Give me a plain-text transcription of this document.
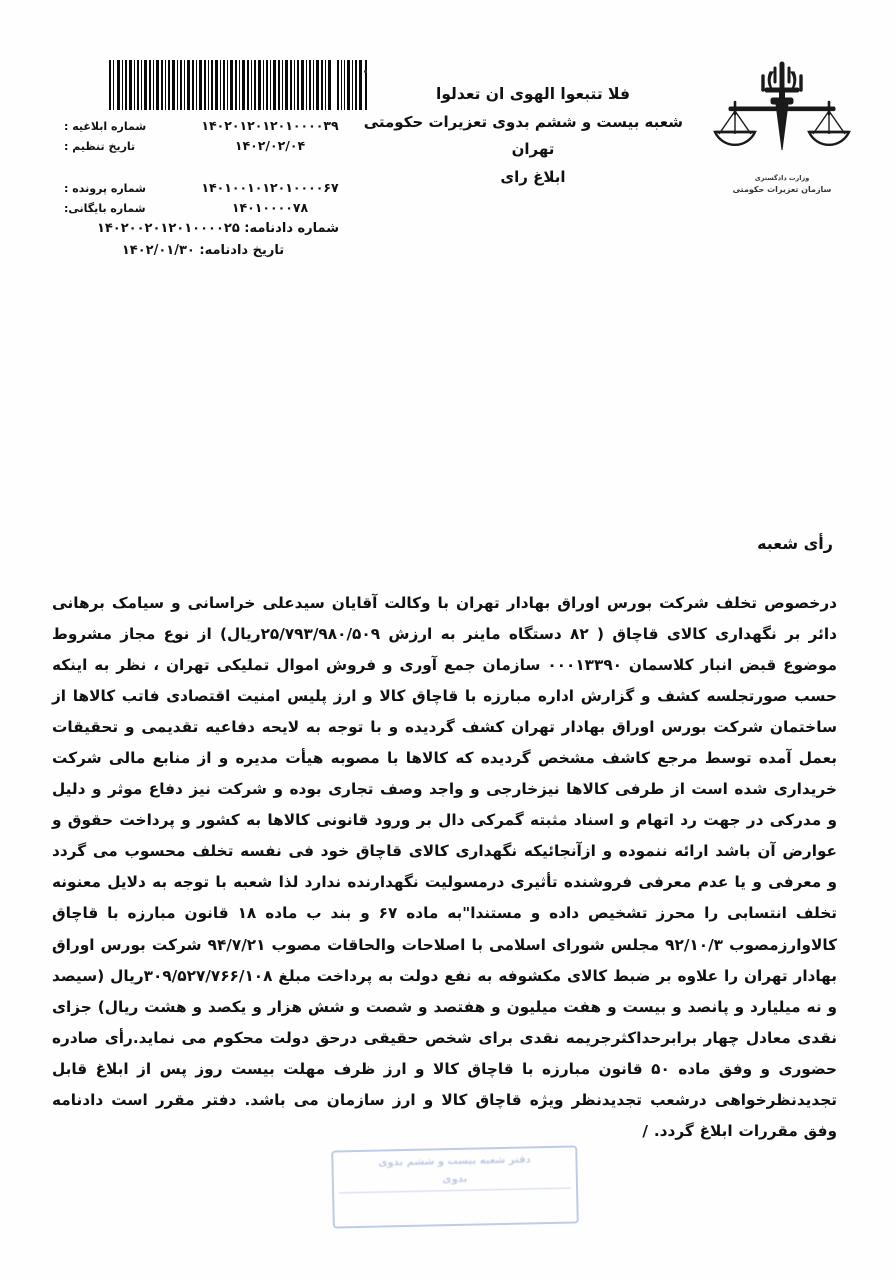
شماره ابلاغیه :	۱۴۰۲۰۱۲۰۱۲۰۱۰۰۰۰۳۹
تاریخ تنظیم :	۱۴۰۲/۰۲/۰۴
شماره پرونده :	۱۴۰۱۰۰۱۰۱۲۰۱۰۰۰۰۶۷
شماره بایگانی:	۱۴۰۱۰۰۰۰۷۸
شماره دادنامه: ۱۴۰۲۰۰۲۰۱۲۰۱۰۰۰۰۲۵
تاریخ دادنامه: ۱۴۰۲/۰۱/۳۰
فلا تتبعوا الهوی ان تعدلوا
شعبه بیست و ششم بدوی تعزیرات حکومتی
تهران
ابلاغ رای	وزارت دادگستری
سازمان تعزیرات حکومتی
رأی شعبه
درخصوص تخلف شرکت بورس اوراق بهادار تهران با وکالت آقایان سیدعلی خراسانی و سیامک برهانی دائر بر نگهداری کالای قاچاق ( ۸۲ دستگاه ماینر به ارزش ۲۵/۷۹۳/۹۸۰/۵۰۹ریال) از نوع مجاز مشروط موضوع قبض انبار کلاسمان ۰۰۰۱۳۳۹۰ سازمان جمع آوری و فروش اموال تملیکی تهران ، نظر به اینکه حسب صورتجلسه کشف و گزارش اداره مبارزه با قاچاق کالا و ارز پلیس امنیت اقتصادی فاتب کالاها از ساختمان شرکت بورس اوراق بهادار تهران کشف گردیده و با توجه به لایحه دفاعیه تقدیمی و تحقیقات بعمل آمده توسط مرجع کاشف مشخص گردیده که کالاها با مصوبه هیأت مدیره و از منابع مالی شرکت خریداری شده است از طرفی کالاها نیزخارجی و واجد وصف تجاری بوده و شرکت نیز دفاع موثر و دلیل و مدرکی در جهت رد اتهام و اسناد مثبته گمرکی دال بر ورود قانونی کالاها به کشور و پرداخت حقوق و عوارض آن باشد ارائه ننموده و ازآنجائیکه نگهداری کالای قاچاق خود فی نفسه تخلف محسوب می گردد و معرفی و یا عدم معرفی فروشنده تأثیری درمسولیت نگهدارنده ندارد لذا شعبه با توجه به دلایل معنونه تخلف انتسابی را محرز تشخیص داده و مستندا"به ماده ۶۷ و بند ب ماده ۱۸ قانون مبارزه با قاچاق کالاوارزمصوب ۹۲/۱۰/۳ مجلس شورای اسلامی با اصلاحات والحاقات مصوب ۹۴/۷/۲۱ شرکت بورس اوراق بهادار تهران را علاوه بر ضبط کالای مکشوفه به نفع دولت به پرداخت مبلغ ۳۰۹/۵۲۷/۷۶۶/۱۰۸ریال (سیصد و نه میلیارد و پانصد و بیست و هفت میلیون و هفتصد و شصت و شش هزار و یکصد و هشت ریال) جزای نقدی معادل چهار برابرحداکثرجریمه نقدی برای شخص حقیقی درحق دولت محکوم می نماید.رأی صادره حضوری و وفق ماده ۵۰ قانون مبارزه با قاچاق کالا و ارز ظرف مهلت بیست روز پس از ابلاغ قابل تجدیدنظرخواهی درشعب تجدیدنظر ویژه قاچاق کالا و ارز سازمان می باشد. دفتر مقرر است دادنامه وفق مقررات ابلاغ گردد. /
دفتر شعبه بیست و ششم بدوی
بدوی
